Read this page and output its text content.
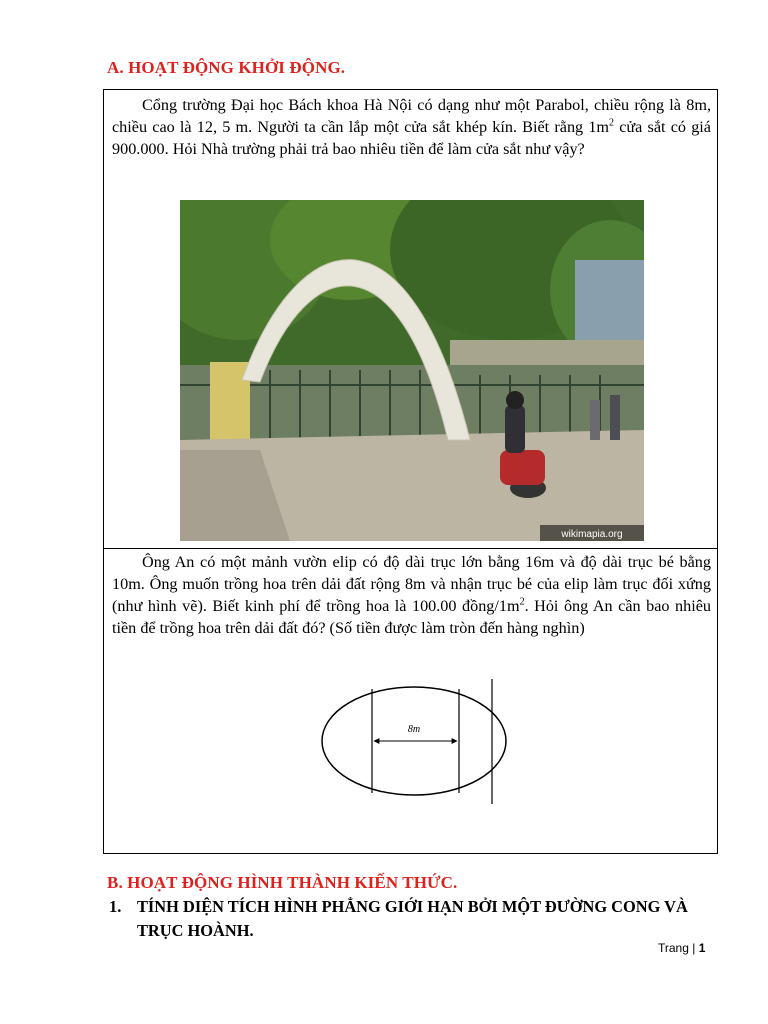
A. HOẠT ĐỘNG KHỞI ĐỘNG.

Cổng trường Đại học Bách khoa Hà Nội có dạng như một Parabol, chiều rộng là 8m, chiều cao là 12, 5 m. Người ta cần lắp một cửa sắt khép kín. Biết rằng $1m^2$ cửa sắt có giá 900.000. Hỏi Nhà trường phải trả bao nhiêu tiền để làm cửa sắt như vậy?

wikimapia.org

Ông An có một mảnh vườn elip có độ dài trục lớn bằng 16m và độ dài trục bé bằng 10m. Ông muốn trồng hoa trên dải đất rộng 8m và nhận trục bé của elip làm trục đối xứng (như hình vẽ). Biết kinh phí để trồng hoa là 100.00 đồng/$1m^2$. Hỏi ông An cần bao nhiêu tiền để trồng hoa trên dải đất đó? (Số tiền được làm tròn đến hàng nghìn)

8m
B. HOẠT ĐỘNG HÌNH THÀNH KIẾN THỨC.

1. TÍNH DIỆN TÍCH HÌNH PHẲNG GIỚI HẠN BỞI MỘT ĐƯỜNG CONG VÀ TRỤC HOÀNH.

Trang | 1
